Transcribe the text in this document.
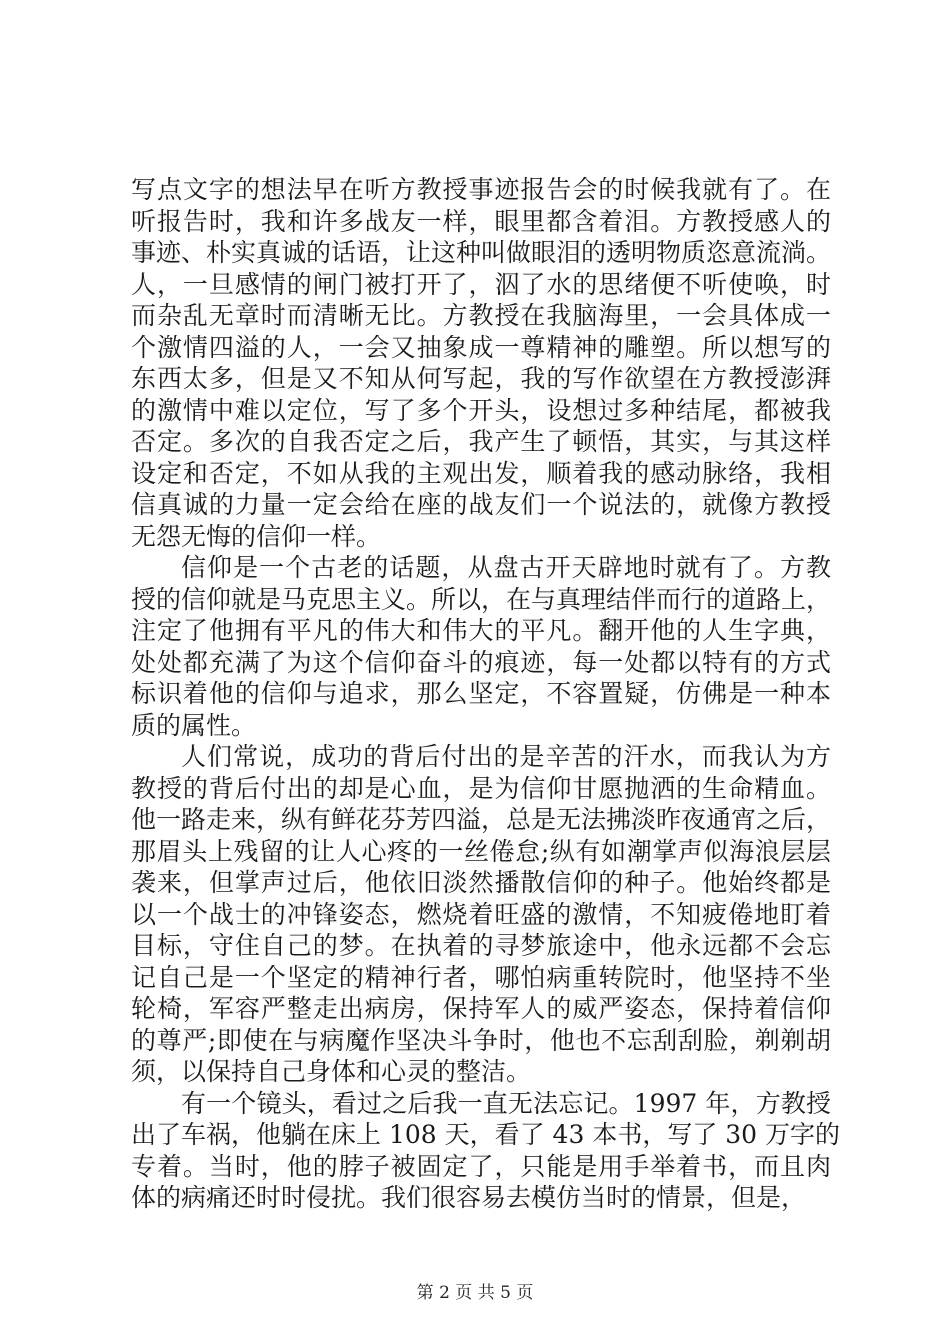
写点文字的想法早在听方教授事迹报告会的时候我就有了。在
听报告时，我和许多战友一样，眼里都含着泪。方教授感人的
事迹、朴实真诚的话语，让这种叫做眼泪的透明物质恣意流淌。
人，一旦感情的闸门被打开了，泅了水的思绪便不听使唤，时
而杂乱无章时而清晰无比。方教授在我脑海里，一会具体成一
个激情四溢的人，一会又抽象成一尊精神的雕塑。所以想写的
东西太多，但是又不知从何写起，我的写作欲望在方教授澎湃
的激情中难以定位，写了多个开头，设想过多种结尾，都被我
否定。多次的自我否定之后，我产生了顿悟，其实，与其这样
设定和否定，不如从我的主观出发，顺着我的感动脉络，我相
信真诚的力量一定会给在座的战友们一个说法的，就像方教授
无怨无悔的信仰一样。
信仰是一个古老的话题，从盘古开天辟地时就有了。方教
授的信仰就是马克思主义。所以，在与真理结伴而行的道路上，
注定了他拥有平凡的伟大和伟大的平凡。翻开他的人生字典，
处处都充满了为这个信仰奋斗的痕迹，每一处都以特有的方式
标识着他的信仰与追求，那么坚定，不容置疑，仿佛是一种本
质的属性。
人们常说，成功的背后付出的是辛苦的汗水，而我认为方
教授的背后付出的却是心血，是为信仰甘愿抛洒的生命精血。
他一路走来，纵有鲜花芬芳四溢，总是无法拂淡昨夜通宵之后，
那眉头上残留的让人心疼的一丝倦怠;纵有如潮掌声似海浪层层
袭来，但掌声过后，他依旧淡然播散信仰的种子。他始终都是
以一个战士的冲锋姿态，燃烧着旺盛的激情，不知疲倦地盯着
目标，守住自己的梦。在执着的寻梦旅途中，他永远都不会忘
记自己是一个坚定的精神行者，哪怕病重转院时，他坚持不坐
轮椅，军容严整走出病房，保持军人的威严姿态，保持着信仰
的尊严;即使在与病魔作坚决斗争时，他也不忘刮刮脸，剃剃胡
须，以保持自己身体和心灵的整洁。
有一个镜头，看过之后我一直无法忘记。1997 年，方教授
出了车祸，他躺在床上 108 天，看了 43 本书，写了 30 万字的
专着。当时，他的脖子被固定了，只能是用手举着书，而且肉
体的病痛还时时侵扰。我们很容易去模仿当时的情景，但是，
第 2 页 共 5 页
